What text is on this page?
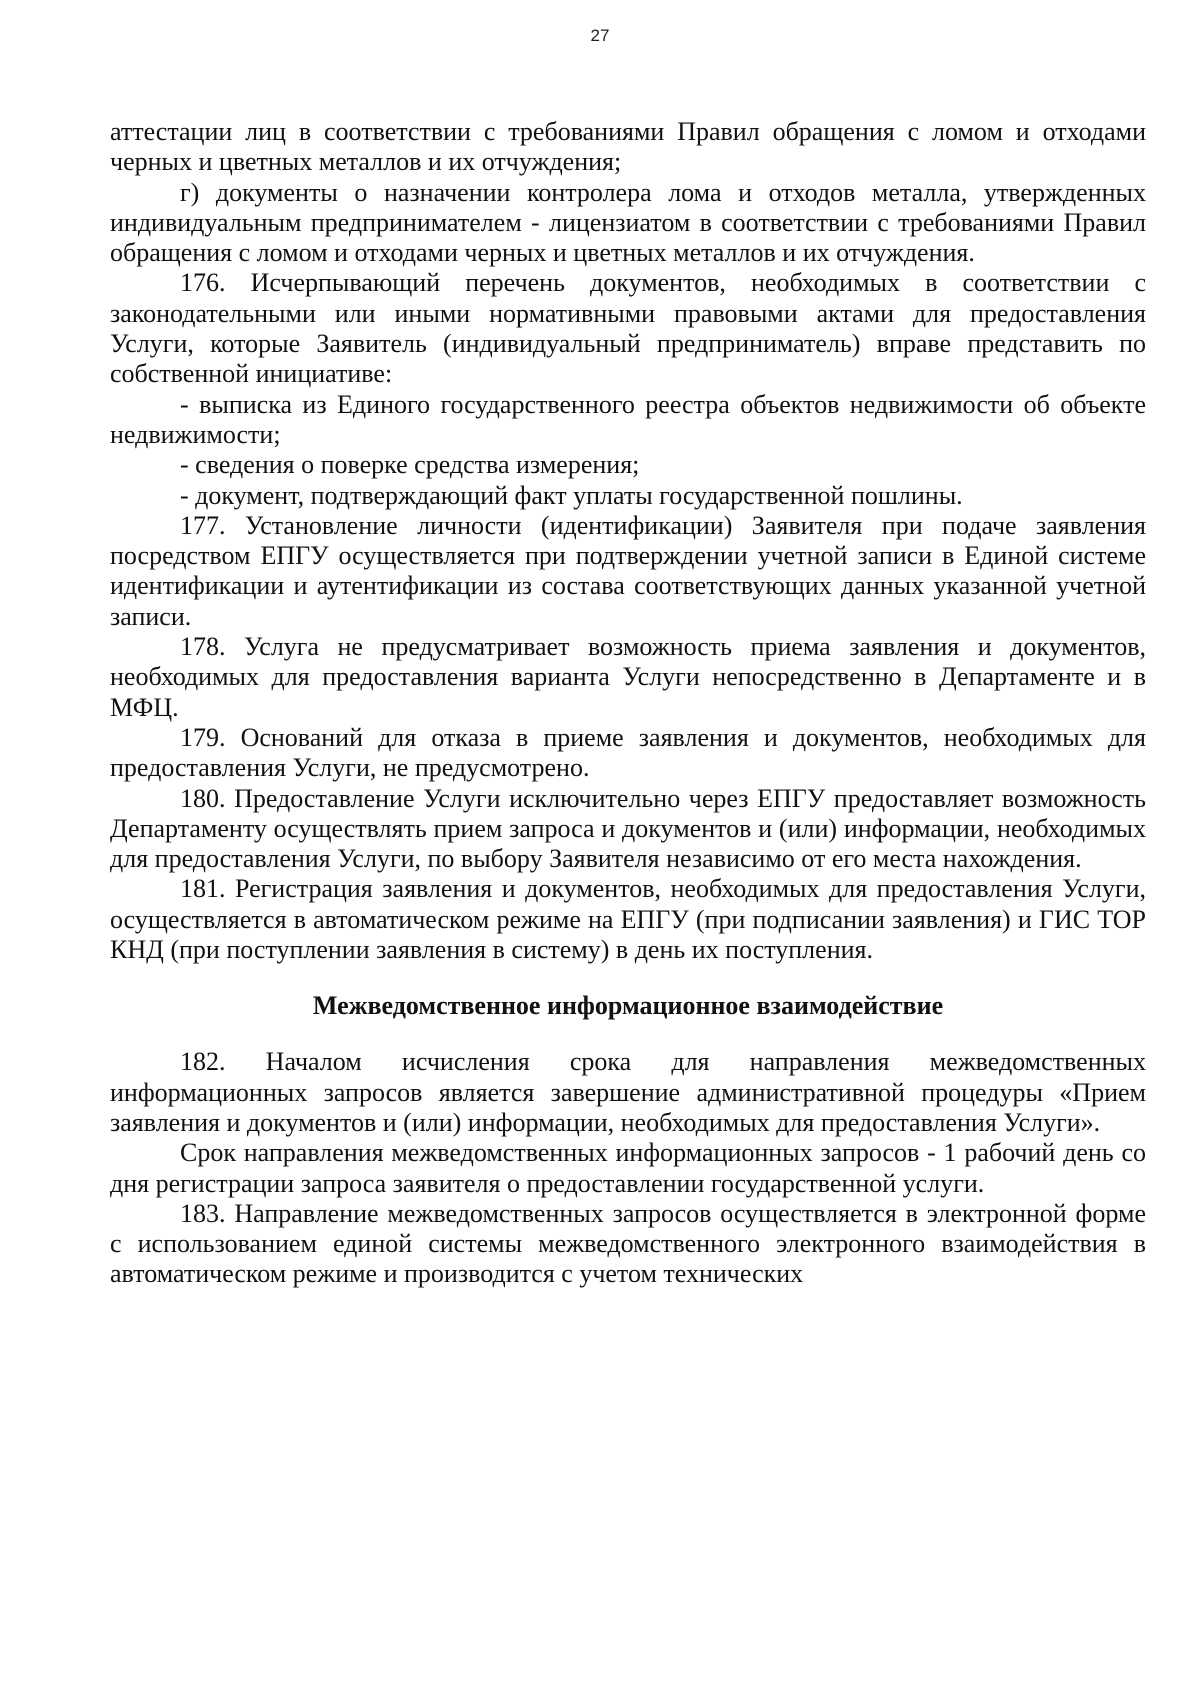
27

аттестации лиц в соответствии с требованиями Правил обращения с ломом и отходами черных и цветных металлов и их отчуждения;

г) документы о назначении контролера лома и отходов металла, утвержденных индивидуальным предпринимателем - лицензиатом в соответствии с требованиями Правил обращения с ломом и отходами черных и цветных металлов и их отчуждения.

176. Исчерпывающий перечень документов, необходимых в соответствии с законодательными или иными нормативными правовыми актами для предоставления Услуги, которые Заявитель (индивидуальный предприниматель) вправе представить по собственной инициативе:

- выписка из Единого государственного реестра объектов недвижимости об объекте недвижимости;

- сведения о поверке средства измерения;

- документ, подтверждающий факт уплаты государственной пошлины.

177. Установление личности (идентификации) Заявителя при подаче заявления посредством ЕПГУ осуществляется при подтверждении учетной записи в Единой системе идентификации и аутентификации из состава соответствующих данных указанной учетной записи.

178. Услуга не предусматривает возможность приема заявления и документов, необходимых для предоставления варианта Услуги непосредственно в Департаменте и в МФЦ.

179. Оснований для отказа в приеме заявления и документов, необходимых для предоставления Услуги, не предусмотрено.

180. Предоставление Услуги исключительно через ЕПГУ предоставляет возможность Департаменту осуществлять прием запроса и документов и (или) информации, необходимых для предоставления Услуги, по выбору Заявителя независимо от его места нахождения.

181. Регистрация заявления и документов, необходимых для предоставления Услуги, осуществляется в автоматическом режиме на ЕПГУ (при подписании заявления) и ГИС ТОР КНД (при поступлении заявления в систему) в день их поступления.

Межведомственное информационное взаимодействие

182. Началом исчисления срока для направления межведомственных информационных запросов является завершение административной процедуры «Прием заявления и документов и (или) информации, необходимых для предоставления Услуги».

Срок направления межведомственных информационных запросов - 1 рабочий день со дня регистрации запроса заявителя о предоставлении государственной услуги.

183. Направление межведомственных запросов осуществляется в электронной форме с использованием единой системы межведомственного электронного взаимодействия в автоматическом режиме и производится с учетом технических
